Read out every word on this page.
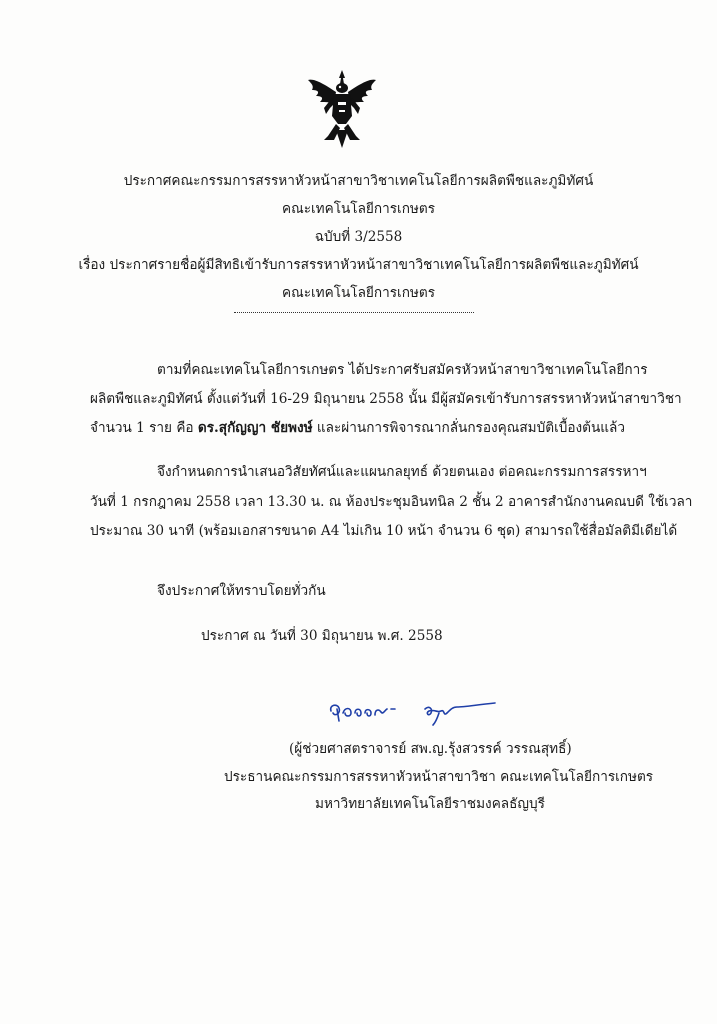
ประกาศคณะกรรมการสรรหาหัวหน้าสาขาวิชาเทคโนโลยีการผลิตพืชและภูมิทัศน์
คณะเทคโนโลยีการเกษตร
ฉบับที่ 3/2558
เรื่อง ประกาศรายชื่อผู้มีสิทธิเข้ารับการสรรหาหัวหน้าสาขาวิชาเทคโนโลยีการผลิตพืชและภูมิทัศน์
คณะเทคโนโลยีการเกษตร
ตามที่คณะเทคโนโลยีการเกษตร ได้ประกาศรับสมัครหัวหน้าสาขาวิชาเทคโนโลยีการ
ผลิตพืชและภูมิทัศน์ ตั้งแต่วันที่ 16-29 มิถุนายน 2558 นั้น มีผู้สมัครเข้ารับการสรรหาหัวหน้าสาขาวิชา
จำนวน 1 ราย คือ ดร.สุกัญญา ชัยพงษ์ และผ่านการพิจารณากลั่นกรองคุณสมบัติเบื้องต้นแล้ว
จึงกำหนดการนำเสนอวิสัยทัศน์และแผนกลยุทธ์ ด้วยตนเอง ต่อคณะกรรมการสรรหาฯ
วันที่ 1 กรกฎาคม 2558 เวลา 13.30 น. ณ ห้องประชุมอินทนิล 2 ชั้น 2 อาคารสำนักงานคณบดี ใช้เวลา
ประมาณ 30 นาที (พร้อมเอกสารขนาด A4 ไม่เกิน 10 หน้า จำนวน 6 ชุด) สามารถใช้สื่อมัลติมีเดียได้
จึงประกาศให้ทราบโดยทั่วกัน
ประกาศ ณ วันที่ 30 มิถุนายน พ.ศ. 2558
(ผู้ช่วยศาสตราจารย์ สพ.ญ.รุ้งสวรรค์ วรรณสุทธิ์)
ประธานคณะกรรมการสรรหาหัวหน้าสาขาวิชา คณะเทคโนโลยีการเกษตร
มหาวิทยาลัยเทคโนโลยีราชมงคลธัญบุรี
